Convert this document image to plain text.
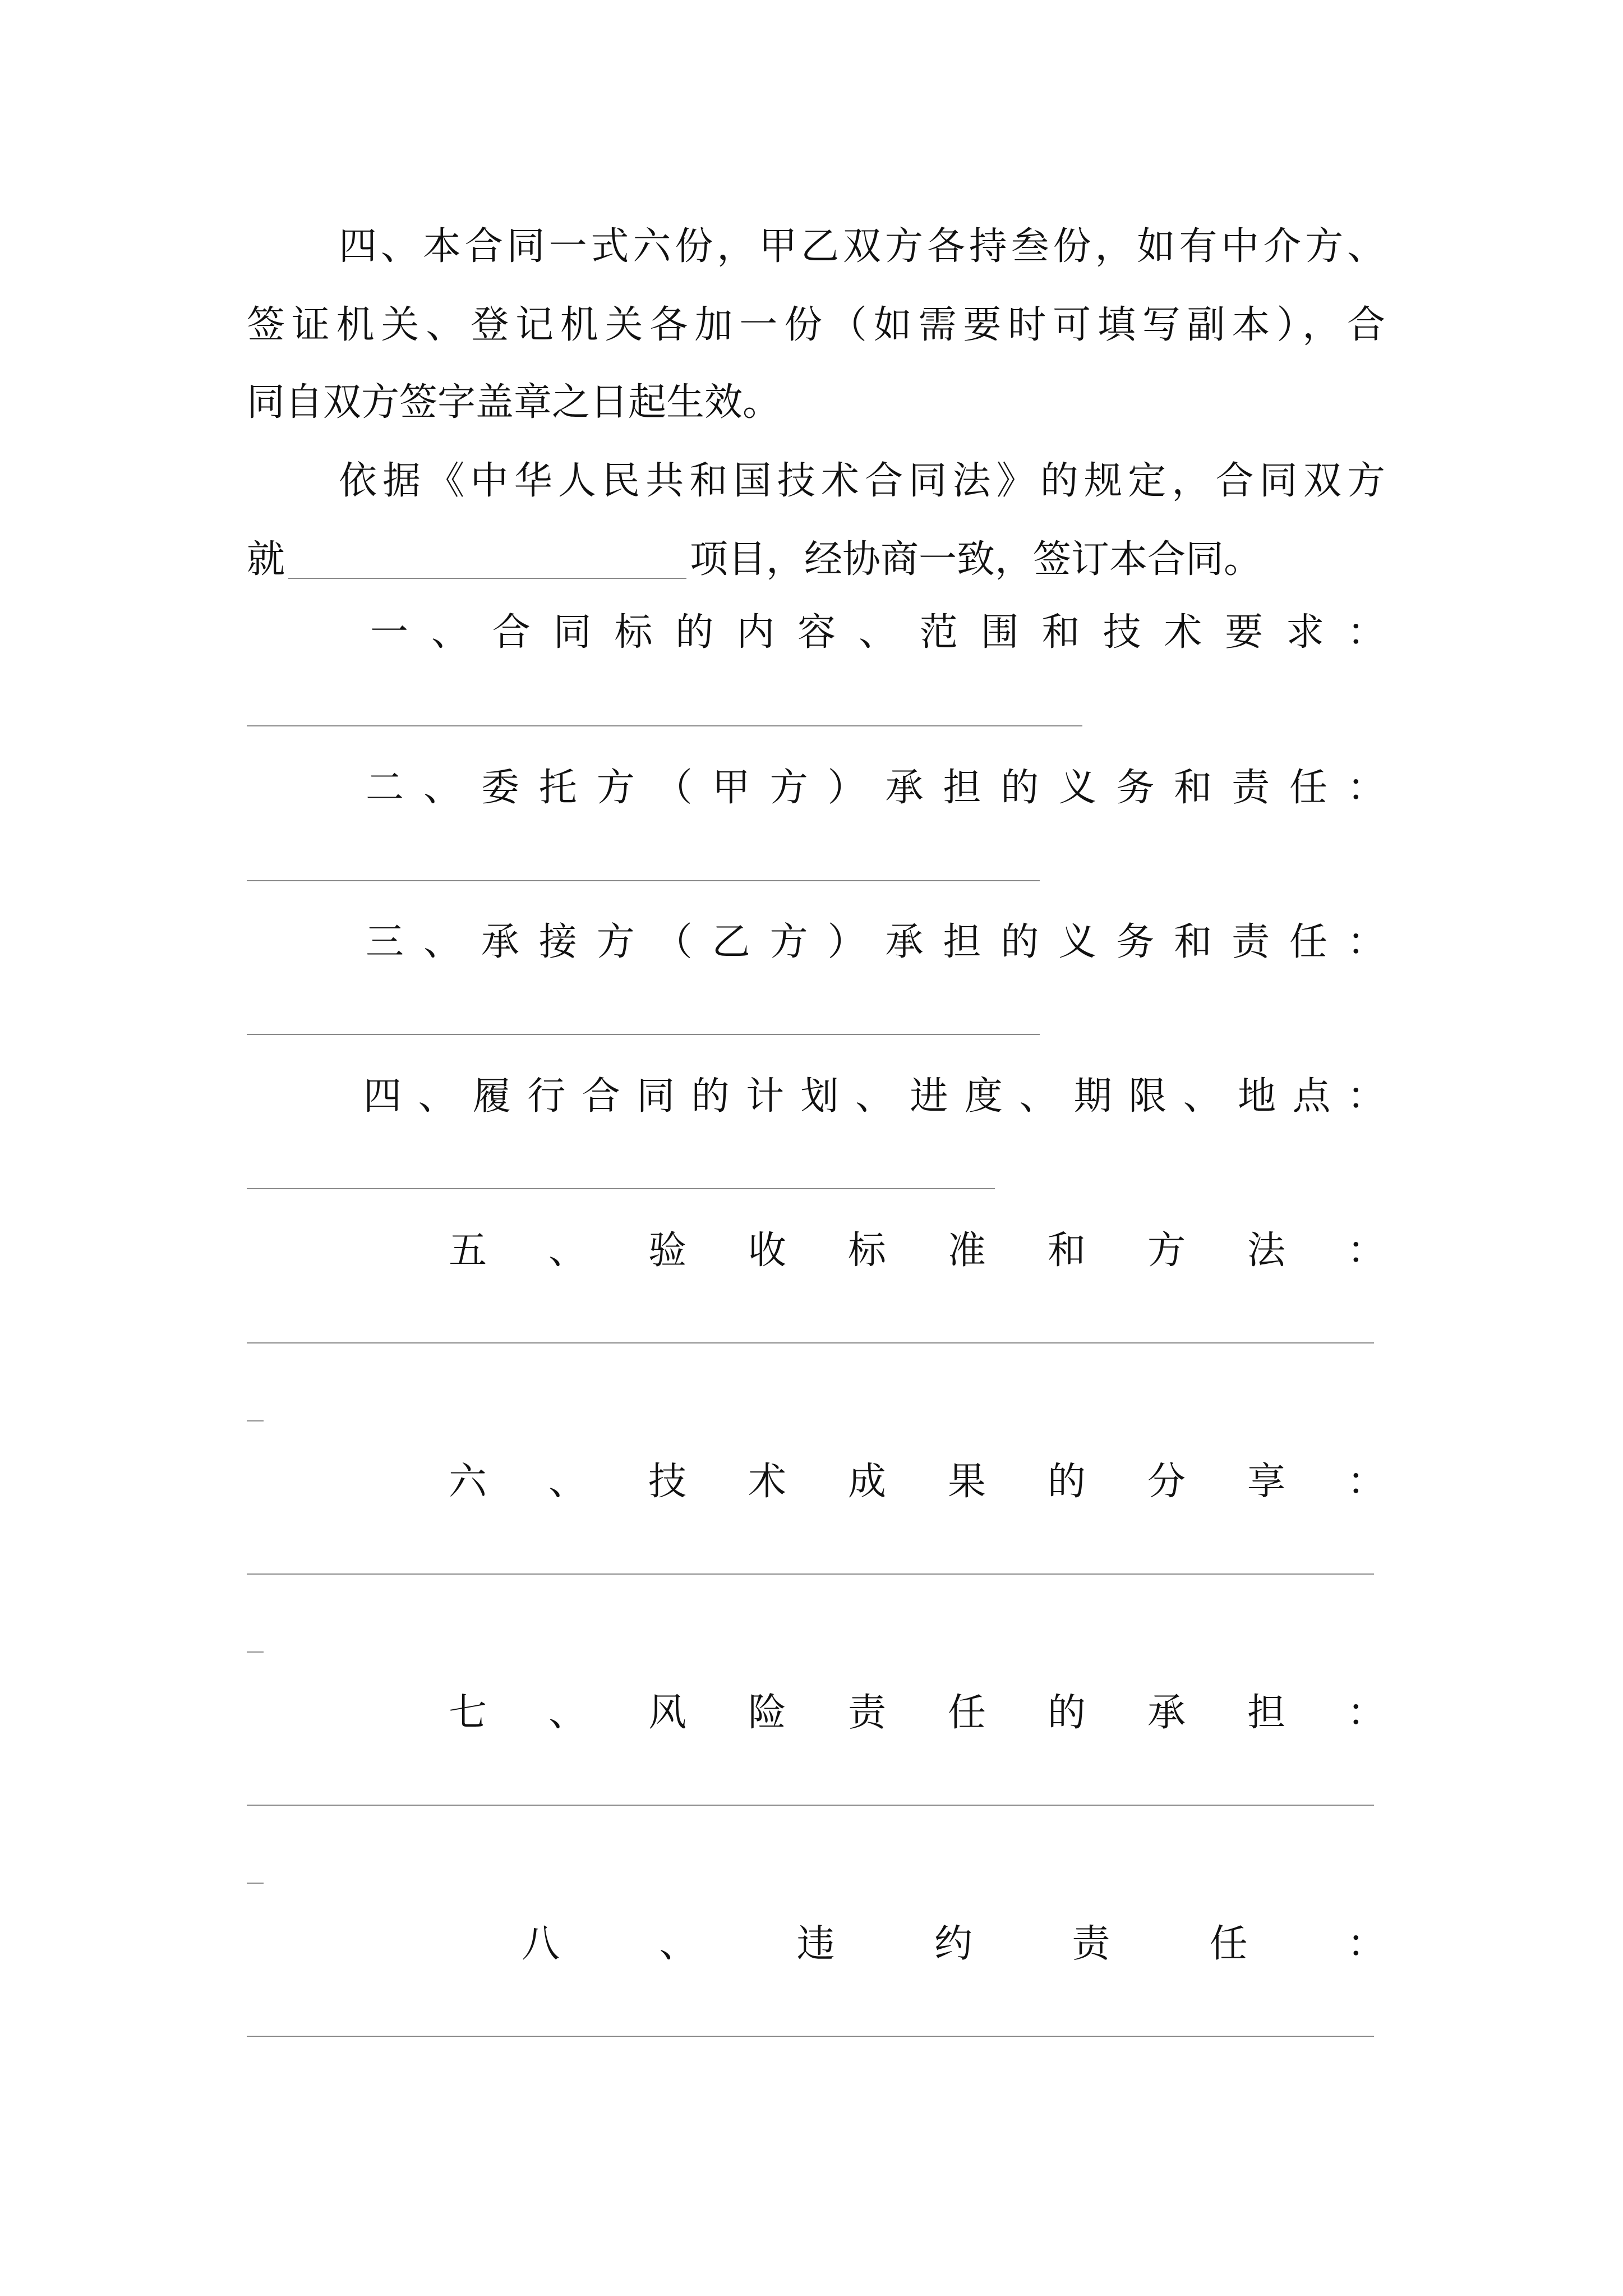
四、本合同一式六份，甲乙双方各持叁份，如有中介方、

签证机关、登记机关各加一份（如需要时可填写副本），合

同自双方签字盖章之日起生效。

依据《中华人民共和国技术合同法》的规定，合同双方

就	项目，经协商一致，签订本合同。

一、合同标的内容、范围和技术要求：
二、委托方（甲方）承担的义务和责任：
三、承接方（乙方）承担的义务和责任：
四、履行合同的计划、进度、期限、地点：
五、验收标准和方法：
六、技术成果的分享：
七、风险责任的承担：
八、违约责任：
